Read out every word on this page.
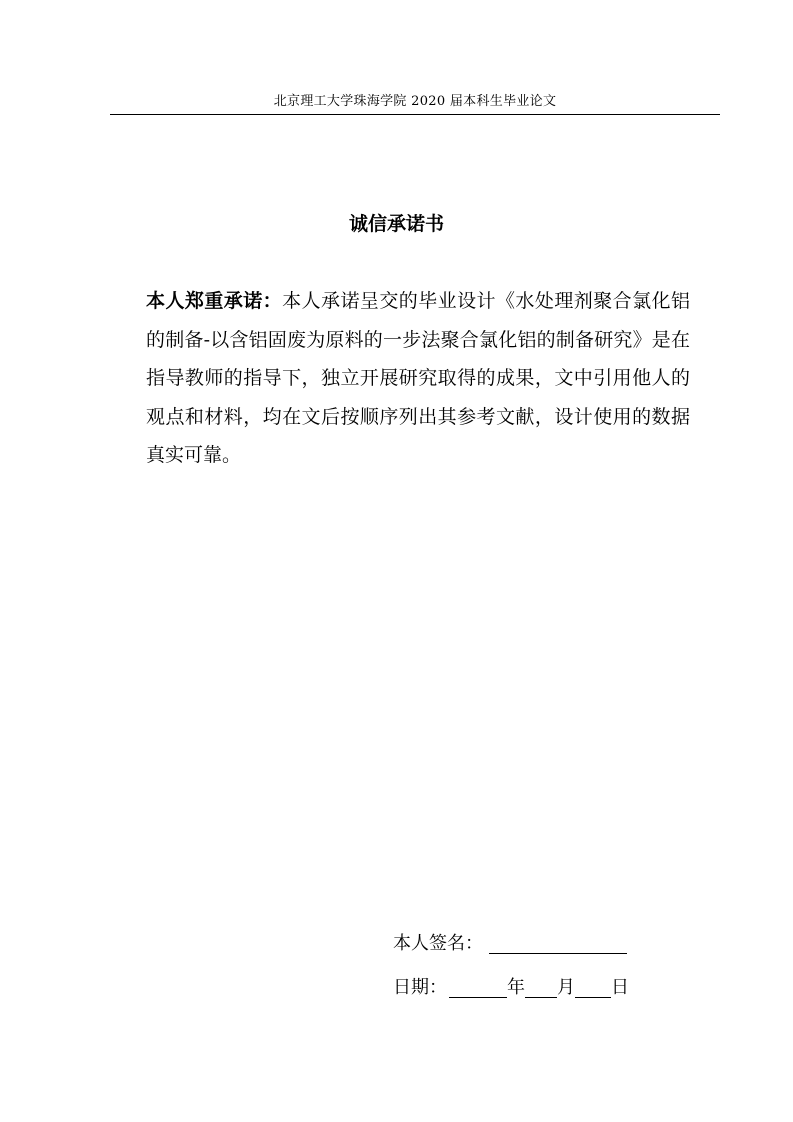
北京理工大学珠海学院 2020 届本科生毕业论文
诚信承诺书
本人郑重承诺：本人承诺呈交的毕业设计《水处理剂聚合氯化铝的制备-以含铝固废为原料的一步法聚合氯化铝的制备研究》是在指导教师的指导下，独立开展研究取得的成果，文中引用他人的观点和材料，均在文后按顺序列出其参考文献，设计使用的数据真实可靠。
本人签名：
日期：	年 月 日
